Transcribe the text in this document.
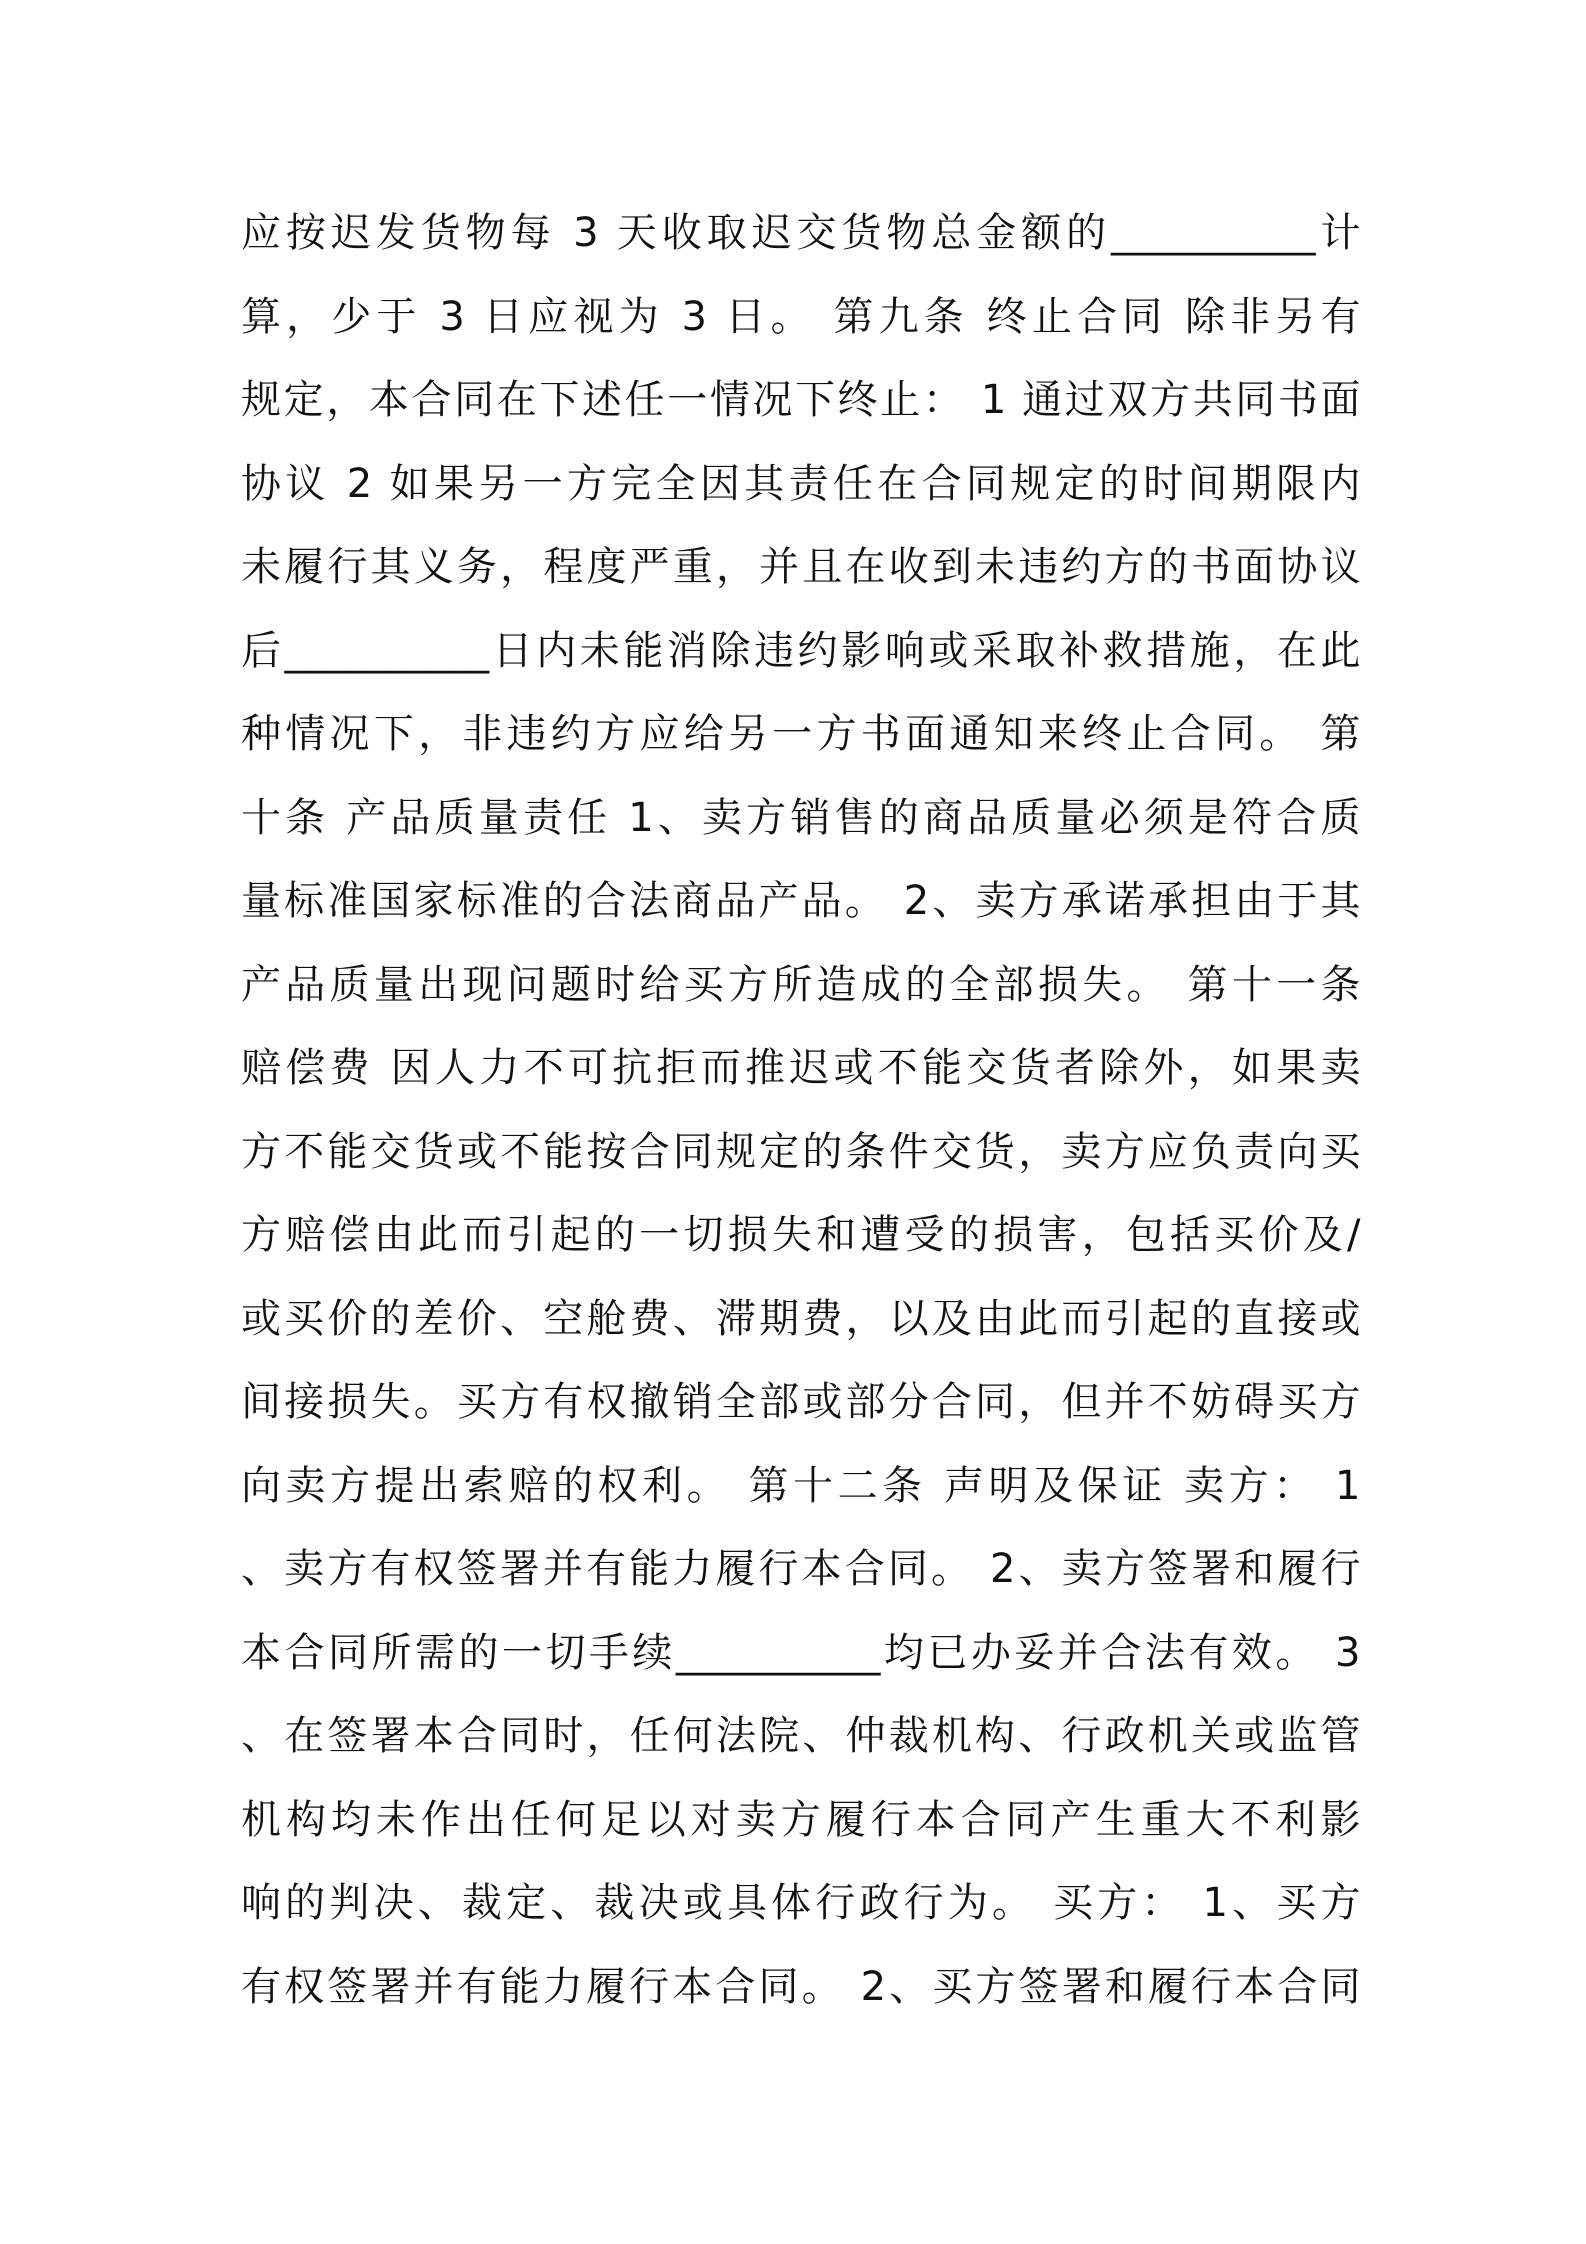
应按迟发货物每 3 天收取迟交货物总金额的__________计
算，少于 3 日应视为 3 日。 第九条 终止合同 除非另有
规定，本合同在下述任一情况下终止： 1 通过双方共同书面
协议 2 如果另一方完全因其责任在合同规定的时间期限内
未履行其义务，程度严重，并且在收到未违约方的书面协议
后__________日内未能消除违约影响或采取补救措施，在此
种情况下，非违约方应给另一方书面通知来终止合同。 第
十条 产品质量责任 1、卖方销售的商品质量必须是符合质
量标准国家标准的合法商品产品。 2、卖方承诺承担由于其
产品质量出现问题时给买方所造成的全部损失。 第十一条
赔偿费 因人力不可抗拒而推迟或不能交货者除外，如果卖
方不能交货或不能按合同规定的条件交货，卖方应负责向买
方赔偿由此而引起的一切损失和遭受的损害，包括买价及/
或买价的差价、空舱费、滞期费，以及由此而引起的直接或
间接损失。买方有权撤销全部或部分合同，但并不妨碍买方
向卖方提出索赔的权利。 第十二条 声明及保证 卖方： 1
、卖方有权签署并有能力履行本合同。 2、卖方签署和履行
本合同所需的一切手续__________均已办妥并合法有效。 3
、在签署本合同时，任何法院、仲裁机构、行政机关或监管
机构均未作出任何足以对卖方履行本合同产生重大不利影
响的判决、裁定、裁决或具体行政行为。 买方： 1、买方
有权签署并有能力履行本合同。 2、买方签署和履行本合同
